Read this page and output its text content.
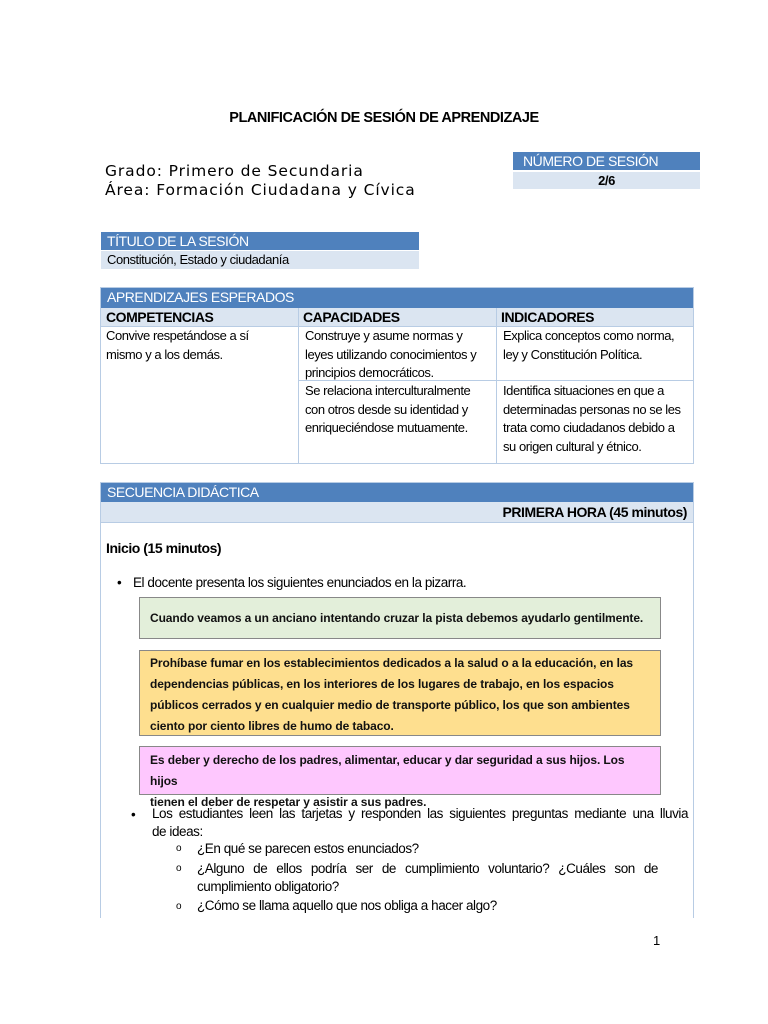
PLANIFICACIÓN DE SESIÓN DE APRENDIZAJE
Grado: Primero de Secundaria
Área: Formación Ciudadana y Cívica
NÚMERO DE SESIÓN
2/6
TÍTULO DE LA SESIÓN
Constitución, Estado y ciudadanía
APRENDIZAJES ESPERADOS
COMPETENCIAS	CAPACIDADES	INDICADORES
Convive respetándose a sí
mismo y a los demás.
Construye y asume normas y
leyes utilizando conocimientos y
principios democráticos.
Explica conceptos como norma,
ley y Constitución Política.
Se relaciona interculturalmente
con otros desde su identidad y
enriqueciéndose mutuamente.
Identifica situaciones en que a
determinadas personas no se les
trata como ciudadanos debido a
su origen cultural y étnico.
SECUENCIA DIDÁCTICA
PRIMERA HORA (45 minutos)
Inicio (15 minutos)
• El docente presenta los siguientes enunciados en la pizarra.
Cuando veamos a un anciano intentando cruzar la pista debemos ayudarlo gentilmente.
Prohíbase fumar en los establecimientos dedicados a la salud o a la educación, en las
dependencias públicas, en los interiores de los lugares de trabajo, en los espacios
públicos cerrados y en cualquier medio de transporte público, los que son ambientes
ciento por ciento libres de humo de tabaco.
Es deber y derecho de los padres, alimentar, educar y dar seguridad a sus hijos. Los hijos
tienen el deber de respetar y asistir a sus padres.
• Los estudiantes leen las tarjetas y responden las siguientes preguntas mediante una lluvia
de ideas:
o ¿En qué se parecen estos enunciados?
o ¿Alguno de ellos podría ser de cumplimiento voluntario? ¿Cuáles son de
cumplimiento obligatorio?
o ¿Cómo se llama aquello que nos obliga a hacer algo?
1
